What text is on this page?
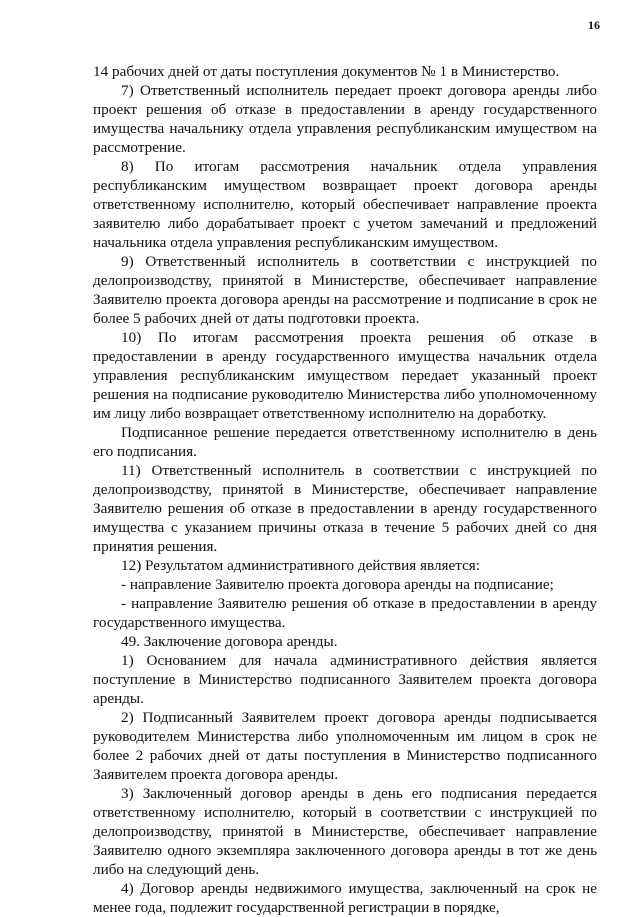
16

14 рабочих дней от даты поступления документов № 1 в Министерство.

7) Ответственный исполнитель передает проект договора аренды либо проект решения об отказе в предоставлении в аренду государственного имущества начальнику отдела управления республиканским имуществом на рассмотрение.

8) По итогам рассмотрения начальник отдела управления республиканским имуществом возвращает проект договора аренды ответственному исполнителю, который обеспечивает направление проекта заявителю либо дорабатывает проект с учетом замечаний и предложений начальника отдела управления республиканским имуществом.

9) Ответственный исполнитель в соответствии с инструкцией по делопроизводству, принятой в Министерстве, обеспечивает направление Заявителю проекта договора аренды на рассмотрение и подписание в срок не более 5 рабочих дней от даты подготовки проекта.

10) По итогам рассмотрения проекта решения об отказе в предоставлении в аренду государственного имущества начальник отдела управления республиканским имуществом передает указанный проект решения на подписание руководителю Министерства либо уполномоченному им лицу либо возвращает ответственному исполнителю на доработку.

Подписанное решение передается ответственному исполнителю в день его подписания.

11) Ответственный исполнитель в соответствии с инструкцией по делопроизводству, принятой в Министерстве, обеспечивает направление Заявителю решения об отказе в предоставлении в аренду государственного имущества с указанием причины отказа в течение 5 рабочих дней со дня принятия решения.

12) Результатом административного действия является:

- направление Заявителю проекта договора аренды на подписание;

- направление Заявителю решения об отказе в предоставлении в аренду государственного имущества.

49. Заключение договора аренды.

1) Основанием для начала административного действия является поступление в Министерство подписанного Заявителем проекта договора аренды.

2) Подписанный Заявителем проект договора аренды подписывается руководителем Министерства либо уполномоченным им лицом в срок не более 2 рабочих дней от даты поступления в Министерство подписанного Заявителем проекта договора аренды.

3) Заключенный договор аренды в день его подписания передается ответственному исполнителю, который в соответствии с инструкцией по делопроизводству, принятой в Министерстве, обеспечивает направление Заявителю одного экземпляра заключенного договора аренды в тот же день либо на следующий день.

4) Договор аренды недвижимого имущества, заключенный на срок не менее года, подлежит государственной регистрации в порядке,
